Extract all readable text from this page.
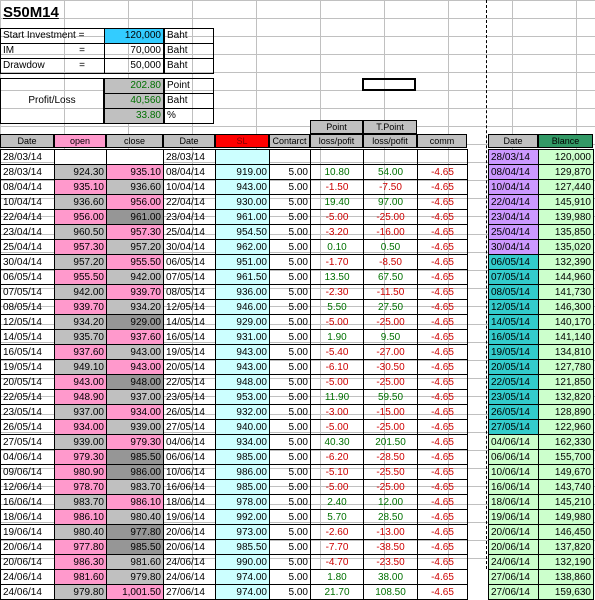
S50M14
Start Investment =	120,000 Baht
IM	=	70,000 Baht
Drawdow	=	50,000 Baht
Profit/Loss
202.80 Point
40,560 Baht
33.80 %
Point	T.Point
Date	open	close	Date	SL	Contarct	loss/pofit	loss/pofit	comm	Date	Blance
28/03/14			28/03/14							28/03/14	120,000
28/03/14	924.30	935.10	08/04/14	919.00	5.00	10.80	54.00	-4.65		08/04/14	129,870
08/04/14	935.10	936.60	10/04/14	943.00	5.00	-1.50	-7.50	-4.65		10/04/14	127,440
10/04/14	936.60	956.00	22/04/14	930.00	5.00	19.40	97.00	-4.65		22/04/14	145,910
22/04/14	956.00	961.00	23/04/14	961.00	5.00	-5.00	-25.00	-4.65		23/04/14	139,980
23/04/14	960.50	957.30	25/04/14	954.50	5.00	-3.20	-16.00	-4.65		25/04/14	135,850
25/04/14	957.30	957.20	30/04/14	962.00	5.00	0.10	0.50	-4.65		30/04/14	135,020
30/04/14	957.20	955.50	06/05/14	951.00	5.00	-1.70	-8.50	-4.65		06/05/14	132,390
06/05/14	955.50	942.00	07/05/14	961.50	5.00	13.50	67.50	-4.65		07/05/14	144,960
07/05/14	942.00	939.70	08/05/14	936.00	5.00	-2.30	-11.50	-4.65		08/05/14	141,730
08/05/14	939.70	934.20	12/05/14	946.00	5.00	5.50	27.50	-4.65		12/05/14	146,300
12/05/14	934.20	929.00	14/05/14	929.00	5.00	-5.00	-25.00	-4.65		14/05/14	140,170
14/05/14	935.70	937.60	16/05/14	931.00	5.00	1.90	9.50	-4.65		16/05/14	141,140
16/05/14	937.60	943.00	19/05/14	943.00	5.00	-5.40	-27.00	-4.65		19/05/14	134,810
19/05/14	949.10	943.00	20/05/14	943.00	5.00	-6.10	-30.50	-4.65		20/05/14	127,780
20/05/14	943.00	948.00	22/05/14	948.00	5.00	-5.00	-25.00	-4.65		22/05/14	121,850
22/05/14	948.90	937.00	23/05/14	953.00	5.00	11.90	59.50	-4.65		23/05/14	132,820
23/05/14	937.00	934.00	26/05/14	932.00	5.00	-3.00	-15.00	-4.65		26/05/14	128,890
26/05/14	934.00	939.00	27/05/14	940.00	5.00	-5.00	-25.00	-4.65		27/05/14	122,960
27/05/14	939.00	979.30	04/06/14	934.00	5.00	40.30	201.50	-4.65		04/06/14	162,330
04/06/14	979.30	985.50	06/06/14	985.00	5.00	-6.20	-28.50	-4.65		06/06/14	155,700
09/06/14	980.90	986.00	10/06/14	986.00	5.00	-5.10	-25.50	-4.65		10/06/14	149,670
12/06/14	978.70	983.70	16/06/14	985.00	5.00	-5.00	-25.00	-4.65		16/06/14	143,740
16/06/14	983.70	986.10	18/06/14	978.00	5.00	2.40	12.00	-4.65		18/06/14	145,210
18/06/14	986.10	980.40	19/06/14	992.00	5.00	5.70	28.50	-4.65		19/06/14	149,980
19/06/14	980.40	977.80	20/06/14	973.00	5.00	-2.60	-13.00	-4.65		20/06/14	146,450
20/06/14	977.80	985.50	20/06/14	985.50	5.00	-7.70	-38.50	-4.65		20/06/14	137,820
20/06/14	986.30	981.60	24/06/14	990.00	5.00	-4.70	-23.50	-4.65		24/06/14	132,190
24/06/14	981.60	979.80	24/06/14	974.00	5.00	1.80	38.00	-4.65		27/06/14	138,860
24/06/14	979.80	1,001.50	27/06/14	974.00	5.00	21.70	108.50	-4.65		27/06/14	159,630
